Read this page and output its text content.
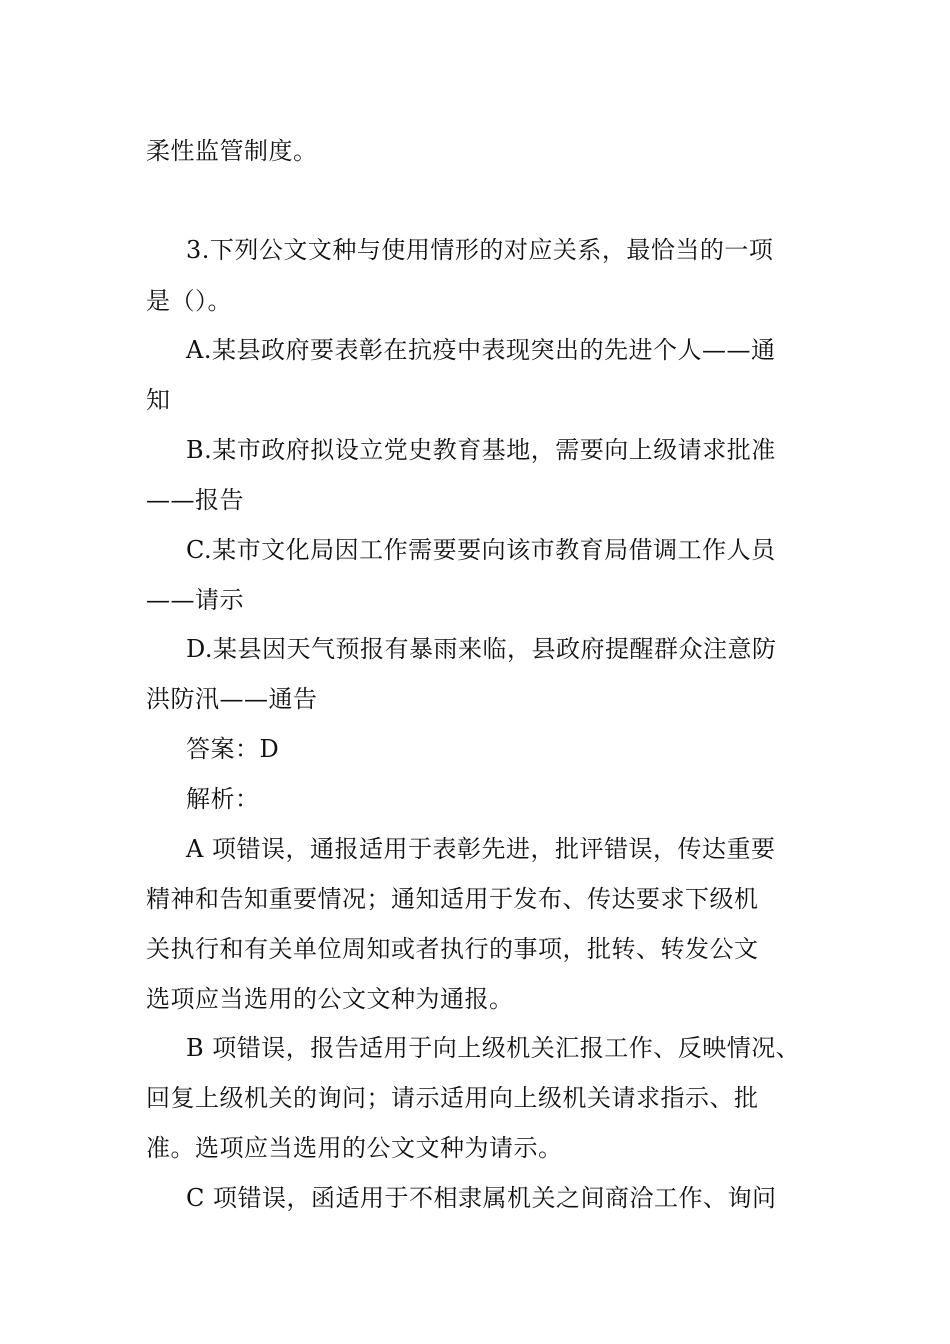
柔性监管制度。
3.下列公文文种与使用情形的对应关系，最恰当的一项
是（）。
A.某县政府要表彰在抗疫中表现突出的先进个人——通
知
B.某市政府拟设立党史教育基地，需要向上级请求批准
——报告
C.某市文化局因工作需要要向该市教育局借调工作人员
——请示
D.某县因天气预报有暴雨来临，县政府提醒群众注意防
洪防汛——通告
答案：D
解析：
A 项错误，通报适用于表彰先进，批评错误，传达重要
精神和告知重要情况；通知适用于发布、传达要求下级机
关执行和有关单位周知或者执行的事项，批转、转发公文
选项应当选用的公文文种为通报。
B 项错误，报告适用于向上级机关汇报工作、反映情况、
回复上级机关的询问；请示适用向上级机关请求指示、批
准。选项应当选用的公文文种为请示。
C 项错误，函适用于不相隶属机关之间商洽工作、询问
